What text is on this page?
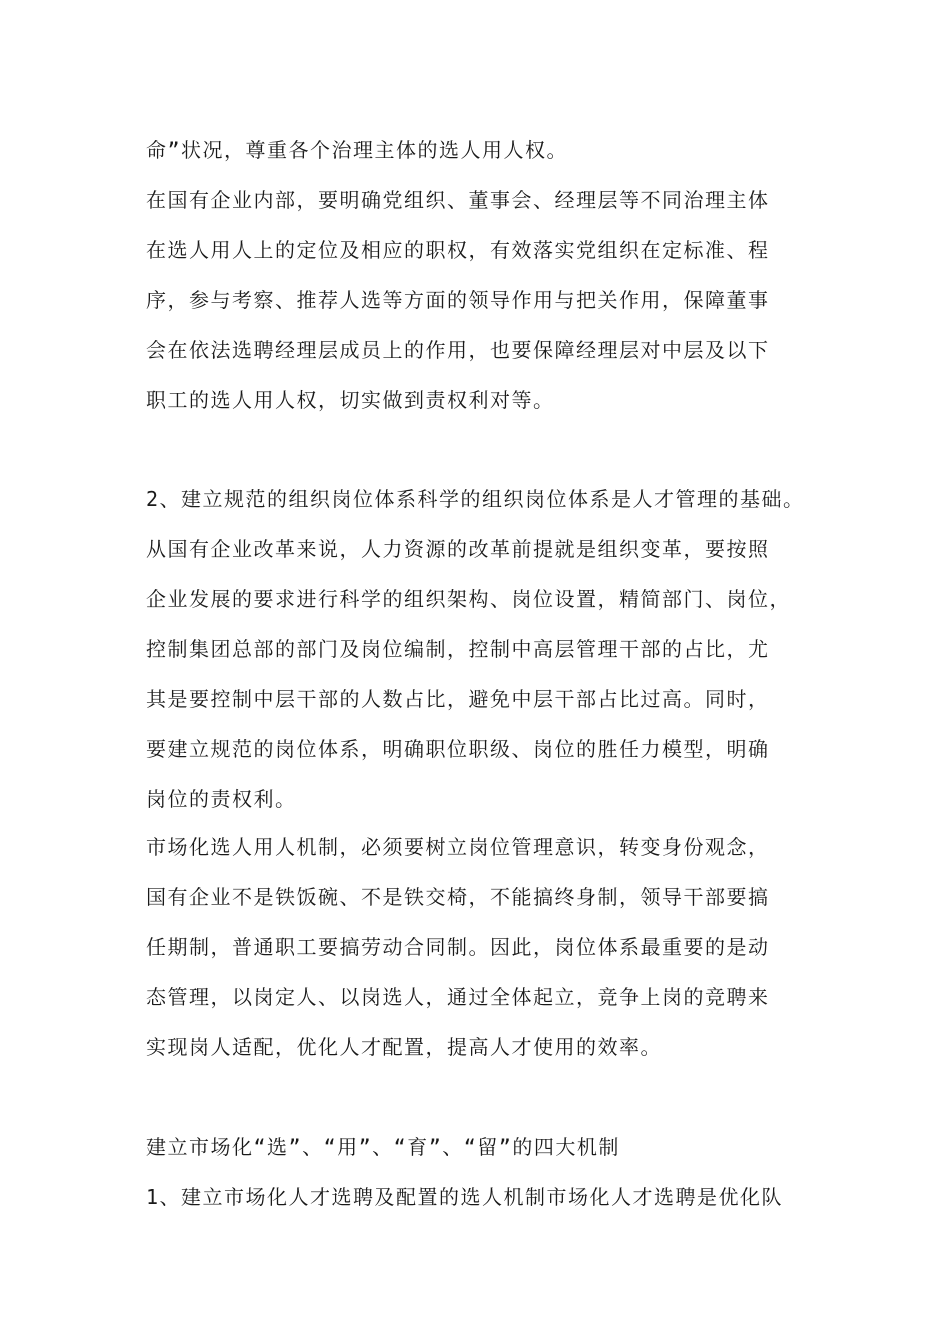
命”状况，尊重各个治理主体的选人用人权。
在国有企业内部，要明确党组织、董事会、经理层等不同治理主体
在选人用人上的定位及相应的职权，有效落实党组织在定标准、程
序，参与考察、推荐人选等方面的领导作用与把关作用，保障董事
会在依法选聘经理层成员上的作用，也要保障经理层对中层及以下
职工的选人用人权，切实做到责权利对等。
2、建立规范的组织岗位体系科学的组织岗位体系是人才管理的基础。
从国有企业改革来说，人力资源的改革前提就是组织变革，要按照
企业发展的要求进行科学的组织架构、岗位设置，精简部门、岗位，
控制集团总部的部门及岗位编制，控制中高层管理干部的占比，尤
其是要控制中层干部的人数占比，避免中层干部占比过高。同时，
要建立规范的岗位体系，明确职位职级、岗位的胜任力模型，明确
岗位的责权利。
市场化选人用人机制，必须要树立岗位管理意识，转变身份观念，
国有企业不是铁饭碗、不是铁交椅，不能搞终身制，领导干部要搞
任期制，普通职工要搞劳动合同制。因此，岗位体系最重要的是动
态管理，以岗定人、以岗选人，通过全体起立，竞争上岗的竞聘来
实现岗人适配，优化人才配置，提高人才使用的效率。
建立市场化“选”、“用”、“育”、“留”的四大机制
1、建立市场化人才选聘及配置的选人机制市场化人才选聘是优化队
